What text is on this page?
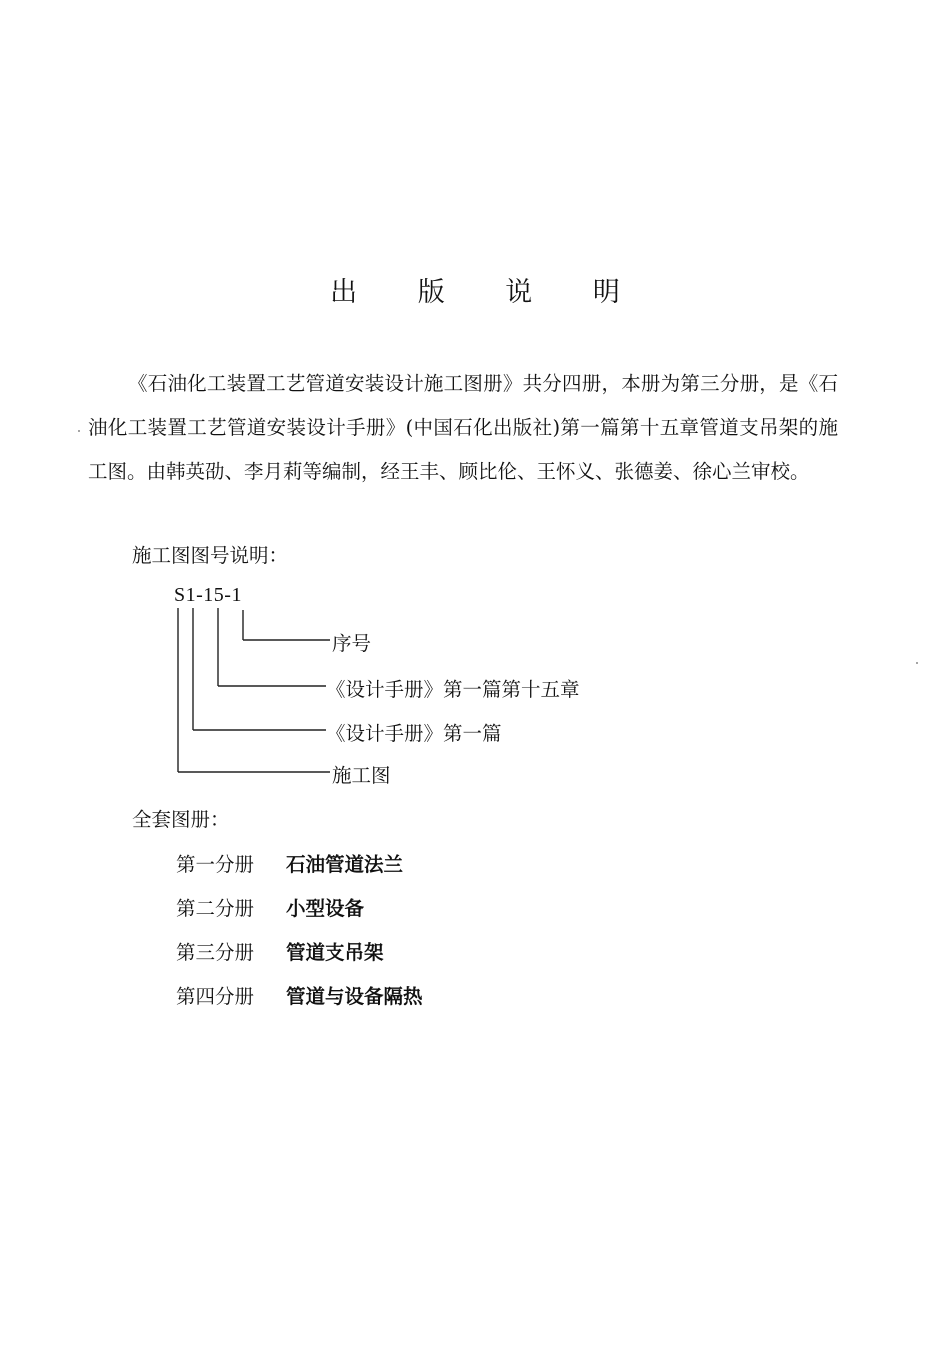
出 版 说 明
《石油化工装置工艺管道安装设计施工图册》共分四册，本册为第三分册，是《石油化工装置工艺管道安装设计手册》(中国石化出版社)第一篇第十五章管道支吊架的施工图。由韩英劭、李月莉等编制，经王丰、顾比伦、王怀义、张德姜、徐心兰审校。
施工图图号说明：
S1-15-1
序号
《设计手册》第一篇第十五章
《设计手册》第一篇
施工图
全套图册：
第一分册	石油管道法兰
第二分册	小型设备
第三分册	管道支吊架
第四分册	管道与设备隔热
